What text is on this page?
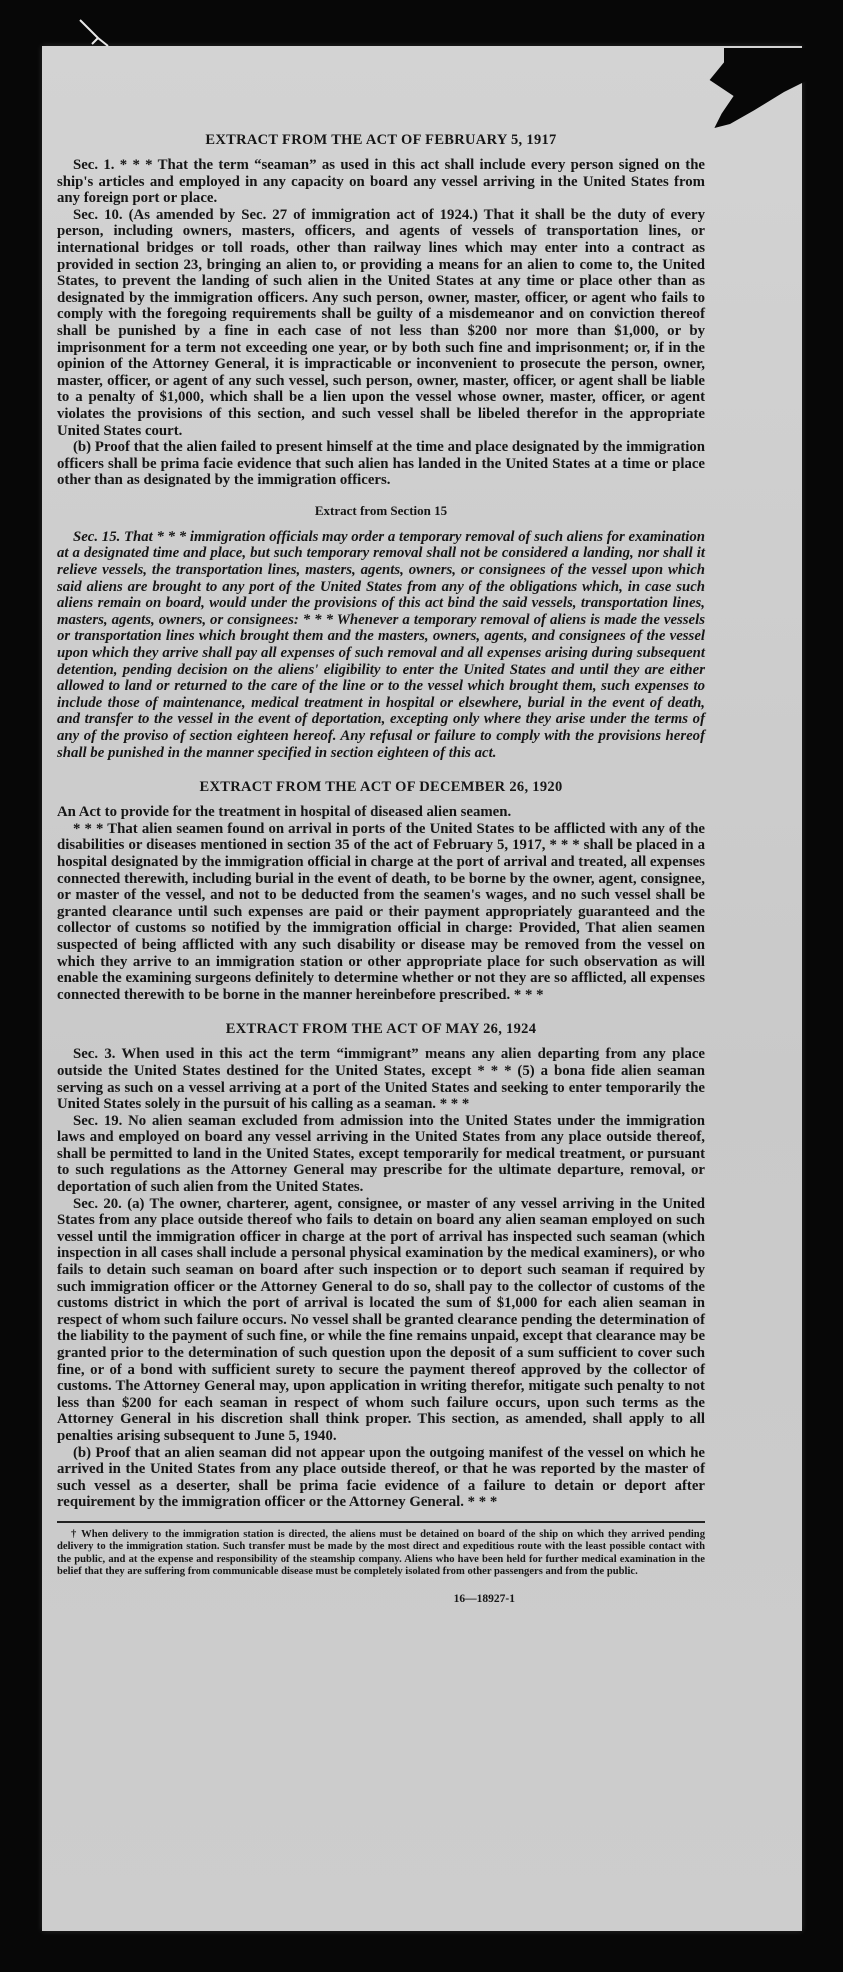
EXTRACT FROM THE ACT OF FEBRUARY 5, 1917

Sec. 1. * * * That the term “seaman” as used in this act shall include every person signed on the ship's articles and employed in any capacity on board any vessel arriving in the United States from any foreign port or place.

Sec. 10. (As amended by Sec. 27 of immigration act of 1924.) That it shall be the duty of every person, including owners, masters, officers, and agents of vessels of transportation lines, or international bridges or toll roads, other than railway lines which may enter into a contract as provided in section 23, bringing an alien to, or providing a means for an alien to come to, the United States, to prevent the landing of such alien in the United States at any time or place other than as designated by the immigration officers. Any such person, owner, master, officer, or agent who fails to comply with the foregoing requirements shall be guilty of a misdemeanor and on conviction thereof shall be punished by a fine in each case of not less than $200 nor more than $1,000, or by imprisonment for a term not exceeding one year, or by both such fine and imprisonment; or, if in the opinion of the Attorney General, it is impracticable or inconvenient to prosecute the person, owner, master, officer, or agent of any such vessel, such person, owner, master, officer, or agent shall be liable to a penalty of $1,000, which shall be a lien upon the vessel whose owner, master, officer, or agent violates the provisions of this section, and such vessel shall be libeled therefor in the appropriate United States court.

(b) Proof that the alien failed to present himself at the time and place designated by the immigration officers shall be prima facie evidence that such alien has landed in the United States at a time or place other than as designated by the immigration officers.

Extract from Section 15

Sec. 15. That * * * immigration officials may order a temporary removal of such aliens for examination at a designated time and place, but such temporary removal shall not be considered a landing, nor shall it relieve vessels, the transportation lines, masters, agents, owners, or consignees of the vessel upon which said aliens are brought to any port of the United States from any of the obligations which, in case such aliens remain on board, would under the provisions of this act bind the said vessels, transportation lines, masters, agents, owners, or consignees: * * * Whenever a temporary removal of aliens is made the vessels or transportation lines which brought them and the masters, owners, agents, and consignees of the vessel upon which they arrive shall pay all expenses of such removal and all expenses arising during subsequent detention, pending decision on the aliens' eligibility to enter the United States and until they are either allowed to land or returned to the care of the line or to the vessel which brought them, such expenses to include those of maintenance, medical treatment in hospital or elsewhere, burial in the event of death, and transfer to the vessel in the event of deportation, excepting only where they arise under the terms of any of the proviso of section eighteen hereof. Any refusal or failure to comply with the provisions hereof shall be punished in the manner specified in section eighteen of this act.

EXTRACT FROM THE ACT OF DECEMBER 26, 1920

An Act to provide for the treatment in hospital of diseased alien seamen.

* * * That alien seamen found on arrival in ports of the United States to be afflicted with any of the disabilities or diseases mentioned in section 35 of the act of February 5, 1917, * * * shall be placed in a hospital designated by the immigration official in charge at the port of arrival and treated, all expenses connected therewith, including burial in the event of death, to be borne by the owner, agent, consignee, or master of the vessel, and not to be deducted from the seamen's wages, and no such vessel shall be granted clearance until such expenses are paid or their payment appropriately guaranteed and the collector of customs so notified by the immigration official in charge: Provided, That alien seamen suspected of being afflicted with any such disability or disease may be removed from the vessel on which they arrive to an immigration station or other appropriate place for such observation as will enable the examining surgeons definitely to determine whether or not they are so afflicted, all expenses connected therewith to be borne in the manner hereinbefore prescribed. * * *

EXTRACT FROM THE ACT OF MAY 26, 1924

Sec. 3. When used in this act the term “immigrant” means any alien departing from any place outside the United States destined for the United States, except * * * (5) a bona fide alien seaman serving as such on a vessel arriving at a port of the United States and seeking to enter temporarily the United States solely in the pursuit of his calling as a seaman. * * *

Sec. 19. No alien seaman excluded from admission into the United States under the immigration laws and employed on board any vessel arriving in the United States from any place outside thereof, shall be permitted to land in the United States, except temporarily for medical treatment, or pursuant to such regulations as the Attorney General may prescribe for the ultimate departure, removal, or deportation of such alien from the United States.

Sec. 20. (a) The owner, charterer, agent, consignee, or master of any vessel arriving in the United States from any place outside thereof who fails to detain on board any alien seaman employed on such vessel until the immigration officer in charge at the port of arrival has inspected such seaman (which inspection in all cases shall include a personal physical examination by the medical examiners), or who fails to detain such seaman on board after such inspection or to deport such seaman if required by such immigration officer or the Attorney General to do so, shall pay to the collector of customs of the customs district in which the port of arrival is located the sum of $1,000 for each alien seaman in respect of whom such failure occurs. No vessel shall be granted clearance pending the determination of the liability to the payment of such fine, or while the fine remains unpaid, except that clearance may be granted prior to the determination of such question upon the deposit of a sum sufficient to cover such fine, or of a bond with sufficient surety to secure the payment thereof approved by the collector of customs. The Attorney General may, upon application in writing therefor, mitigate such penalty to not less than $200 for each seaman in respect of whom such failure occurs, upon such terms as the Attorney General in his discretion shall think proper. This section, as amended, shall apply to all penalties arising subsequent to June 5, 1940.

(b) Proof that an alien seaman did not appear upon the outgoing manifest of the vessel on which he arrived in the United States from any place outside thereof, or that he was reported by the master of such vessel as a deserter, shall be prima facie evidence of a failure to detain or deport after requirement by the immigration officer or the Attorney General. * * *

† When delivery to the immigration station is directed, the aliens must be detained on board of the ship on which they arrived pending delivery to the immigration station. Such transfer must be made by the most direct and expeditious route with the least possible contact with the public, and at the expense and responsibility of the steamship company. Aliens who have been held for further medical examination in the belief that they are suffering from communicable disease must be completely isolated from other passengers and from the public.

16—18927-1
